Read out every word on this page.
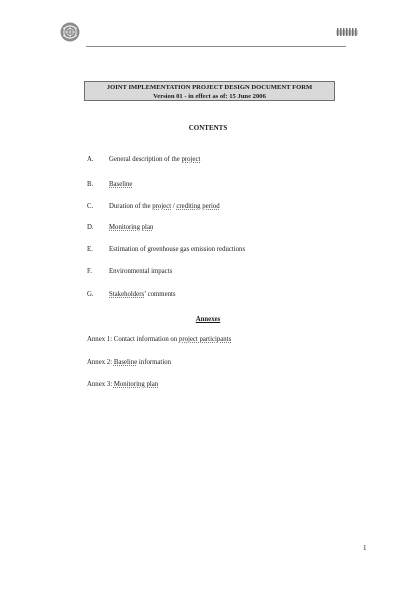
JOINT IMPLEMENTATION PROJECT DESIGN DOCUMENT FORM
Version 01 - in effect as of: 15 June 2006
CONTENTS
A. General description of the project
B. Baseline
C. Duration of the project / crediting period
D. Monitoring plan
E. Estimation of greenhouse gas emission reductions
F.	Environmental impacts
G. Stakeholders’ comments
Annexes
Annex 1: Contact information on project participants
Annex 2: Baseline information
Annex 3: Monitoring plan
1
